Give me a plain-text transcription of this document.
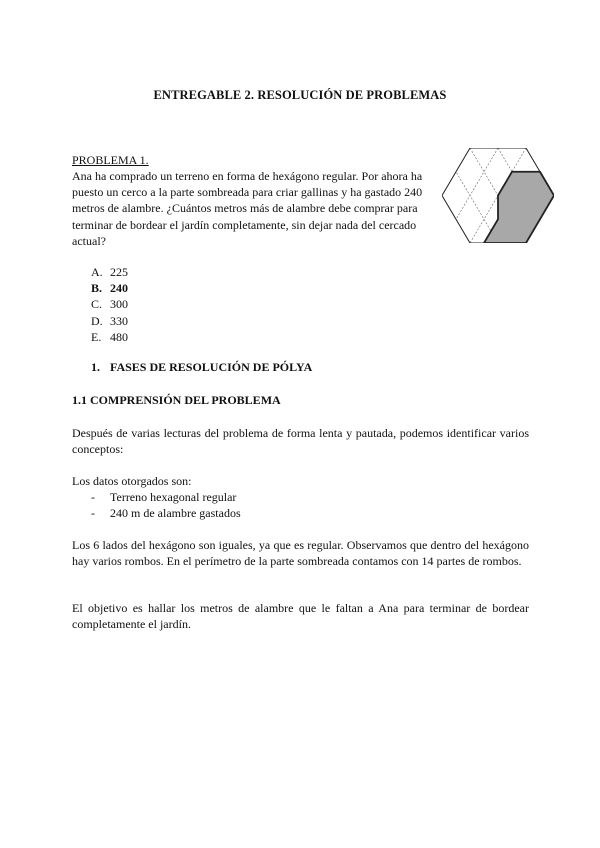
ENTREGABLE 2. RESOLUCIÓN DE PROBLEMAS
PROBLEMA 1.
Ana ha comprado un terreno en forma de hexágono regular. Por ahora ha puesto un cerco a la parte sombreada para criar gallinas y ha gastado 240 metros de alambre. ¿Cuántos metros más de alambre debe comprar para terminar de bordear el jardín completamente, sin dejar nada del cercado actual?
A. 225
B. 240
C. 300
D. 330
E. 480
1. FASES DE RESOLUCIÓN DE PÓLYA
1.1 COMPRENSIÓN DEL PROBLEMA
Después de varias lecturas del problema de forma lenta y pautada, podemos identificar varios conceptos:
Los datos otorgados son:
- Terreno hexagonal regular
- 240 m de alambre gastados
Los 6 lados del hexágono son iguales, ya que es regular. Observamos que dentro del hexágono hay varios rombos. En el perímetro de la parte sombreada contamos con 14 partes de rombos.
El objetivo es hallar los metros de alambre que le faltan a Ana para terminar de bordear completamente el jardín.
